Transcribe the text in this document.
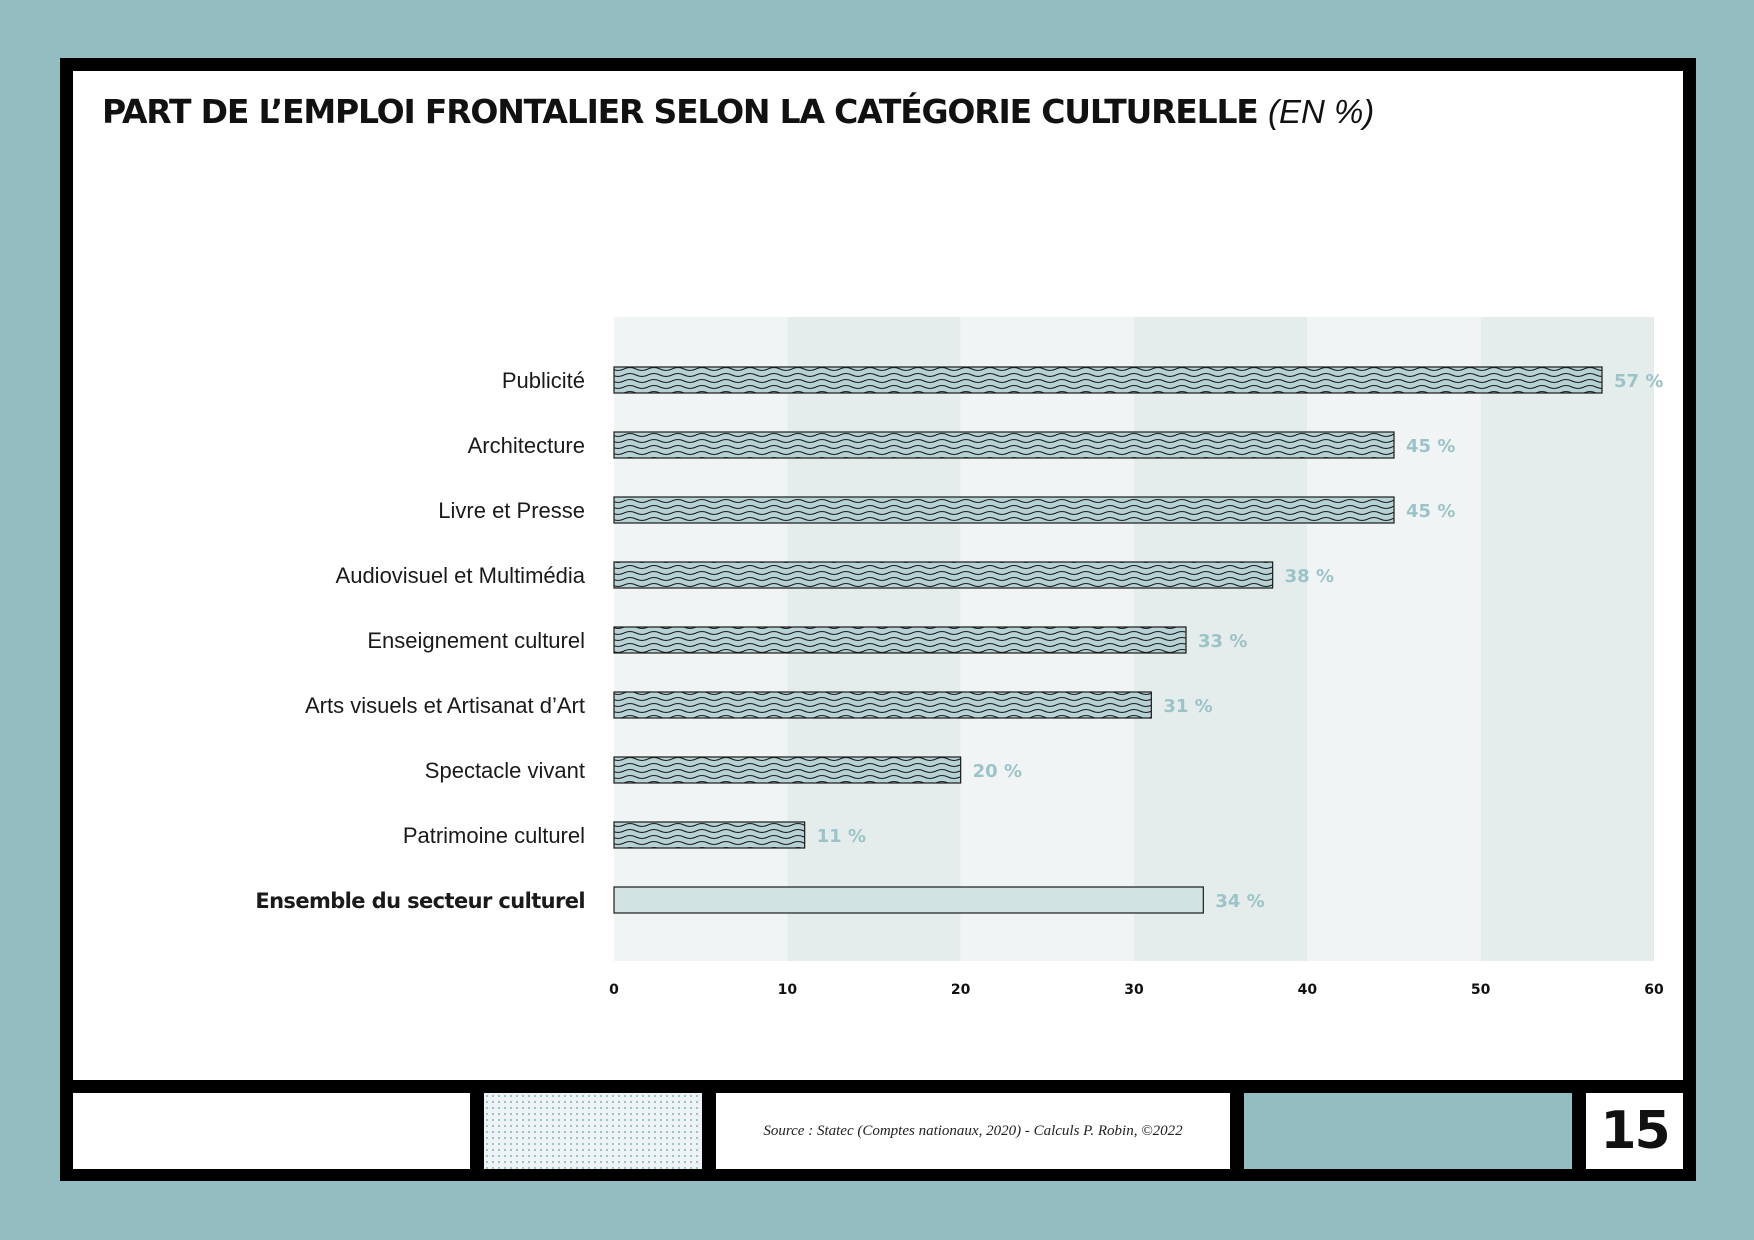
PART DE L’EMPLOI FRONTALIER SELON LA CATÉGORIE CULTURELLE (EN %)
Publicité
Architecture
Livre et Presse
Audiovisuel et Multimédia
Enseignement culturel
Arts visuels et Artisanat d’Art
Spectacle vivant
Patrimoine culturel
Ensemble du secteur culturel
57 %
45 %
45 %
38 %
33 %
31 %
20 %
11 %
34 %
0	10	20	30	40	50	60
Source : Statec (Comptes nationaux, 2020) - Calculs P. Robin, ©2022	15
